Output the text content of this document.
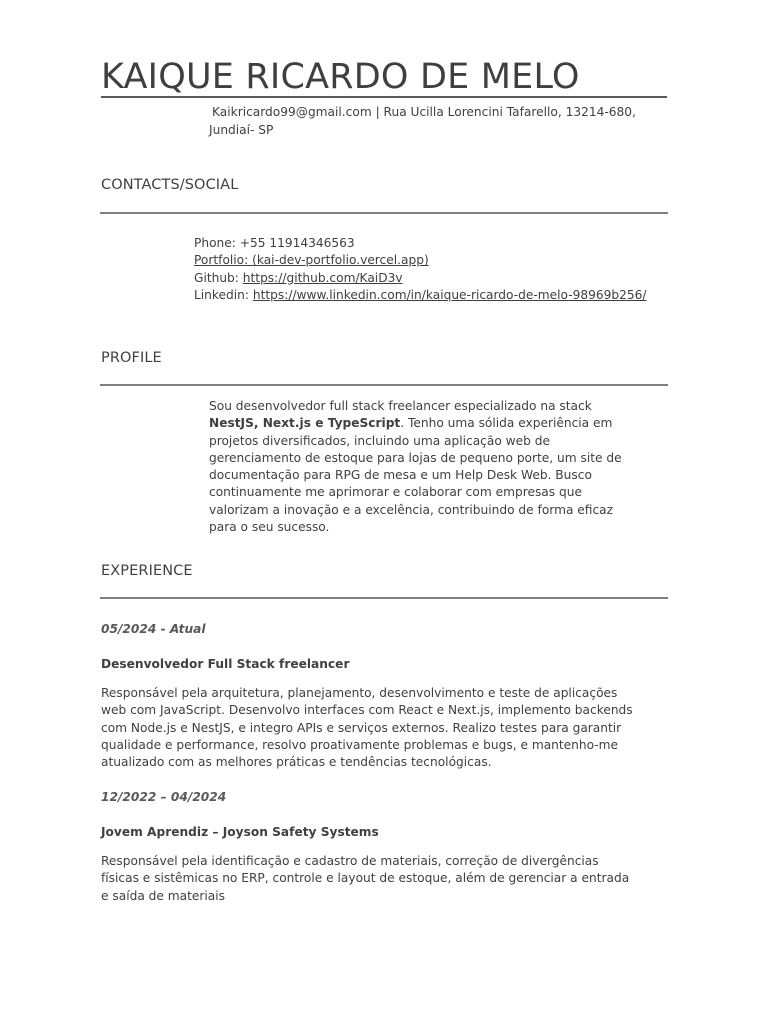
KAIQUE RICARDO DE MELO
Kaikricardo99@gmail.com | Rua Ucilla Lorencini Tafarello, 13214-680, Jundiaí- SP
CONTACTS/SOCIAL
Phone: +55 11914346563
Portfolio: (kai-dev-portfolio.vercel.app)
Github: https://github.com/KaiD3v
Linkedin: https://www.linkedin.com/in/kaique-ricardo-de-melo-98969b256/
PROFILE
Sou desenvolvedor full stack freelancer especializado na stack NestJS, Next.js e TypeScript. Tenho uma sólida experiência em projetos diversificados, incluindo uma aplicação web de gerenciamento de estoque para lojas de pequeno porte, um site de documentação para RPG de mesa e um Help Desk Web. Busco continuamente me aprimorar e colaborar com empresas que valorizam a inovação e a excelência, contribuindo de forma eficaz para o seu sucesso.
EXPERIENCE
05/2024 - Atual
Desenvolvedor Full Stack freelancer
Responsável pela arquitetura, planejamento, desenvolvimento e teste de aplicações web com JavaScript. Desenvolvo interfaces com React e Next.js, implemento backends com Node.js e NestJS, e integro APIs e serviços externos. Realizo testes para garantir qualidade e performance, resolvo proativamente problemas e bugs, e mantenho-me atualizado com as melhores práticas e tendências tecnológicas.
12/2022 – 04/2024
Jovem Aprendiz – Joyson Safety Systems
Responsável pela identificação e cadastro de materiais, correção de divergências físicas e sistêmicas no ERP, controle e layout de estoque, além de gerenciar a entrada e saída de materiais
